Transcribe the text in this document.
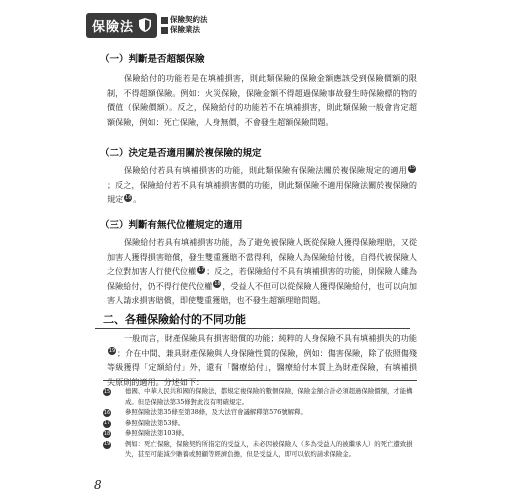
保險法	保險契約法
保險業法
（一）判斷是否超額保險
保險給付的功能若是在填補損害，則此類保險的保險金額應該受到保險價額的限制，不得超額保險。例如：火災保險，保險金額不得超過保險事故發生時保險標的物的價值（保險價額）。反之，保險給付的功能若不在填補損害，則此類保險一般會肯定超額保險，例如：死亡保險，人身無價，不會發生超額保險問題。
（二）決定是否適用關於複保險的規定
保險給付若具有填補損害的功能，則此類保險有保險法關於複保險規定的適用 $^{15}$；反之，保險給付若不具有填補損害價的功能，則此類保險不適用保險法關於複保險的規定 $^{16}$ 。
（三）判斷有無代位權規定的適用
保險給付若具有填補損害功能，為了避免被保險人既從保險人獲得保險理賠，又從加害人獲得損害賠償，發生雙重獲賠不當得利，保險人為保險給付後，自得代被保險人之位對加害人行使代位權 $^{17}$ ；反之，若保險給付不具有填補損害的功能，則保險人雖為保險給付，仍不得行使代位權 $^{18}$ ，受益人不但可以從保險人獲得保險給付，也可以向加害人請求損害賠償，即使雙重獲賠，也不發生超額理賠問題。
二、各種保險給付的不同功能
一般而言，財產保險具有損害賠償的功能；純粹的人身保險不具有填補損失的功能$^{19}$ ；介在中間、兼具財產保險與人身保險性質的保險，例如：傷害保險，除了依照傷殘等級獲得「定額給付」外，還有「醫療給付」，醫療給付本質上為財產保險，有填補損失原則的適用。分述如下：
15 德國、中華人民共和國的保險法，都規定複保險的數個保險，保險金額合計必須超過保險價額，才能構成。但是保險法第35條對此沒有明確規定。
16 參照保險法第35條至第38條，及大法官會議解釋第576號解釋。
17 參照保險法第53條。
18 參照保險法第103條。
19 例如：死亡保險，保險契約所指定的受益人，未必因被保險人（多為受益人的被繼承人）的死亡遭致損失，甚至可能減少贍養或照顧等經濟負擔，但是受益人，即可以依約請求保險金。
8
